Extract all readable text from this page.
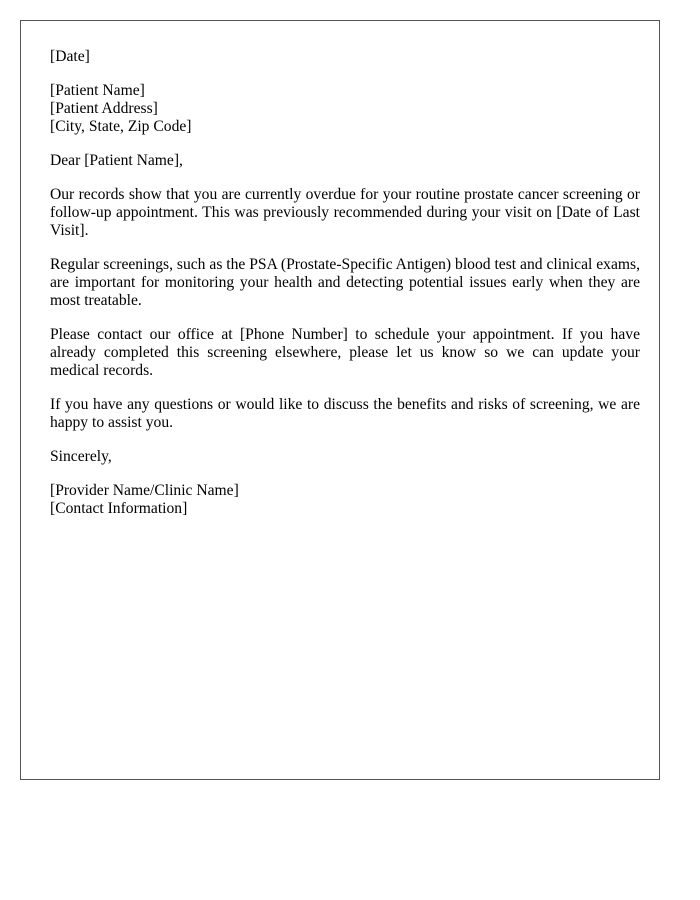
[Date]

[Patient Name]
[Patient Address]
[City, State, Zip Code]

Dear [Patient Name],

Our records show that you are currently overdue for your routine prostate cancer screening or follow-up appointment. This was previously recommended during your visit on [Date of Last Visit].

Regular screenings, such as the PSA (Prostate-Specific Antigen) blood test and clinical exams, are important for monitoring your health and detecting potential issues early when they are most treatable.

Please contact our office at [Phone Number] to schedule your appointment. If you have already completed this screening elsewhere, please let us know so we can update your medical records.

If you have any questions or would like to discuss the benefits and risks of screening, we are happy to assist you.

Sincerely,

[Provider Name/Clinic Name]
[Contact Information]
